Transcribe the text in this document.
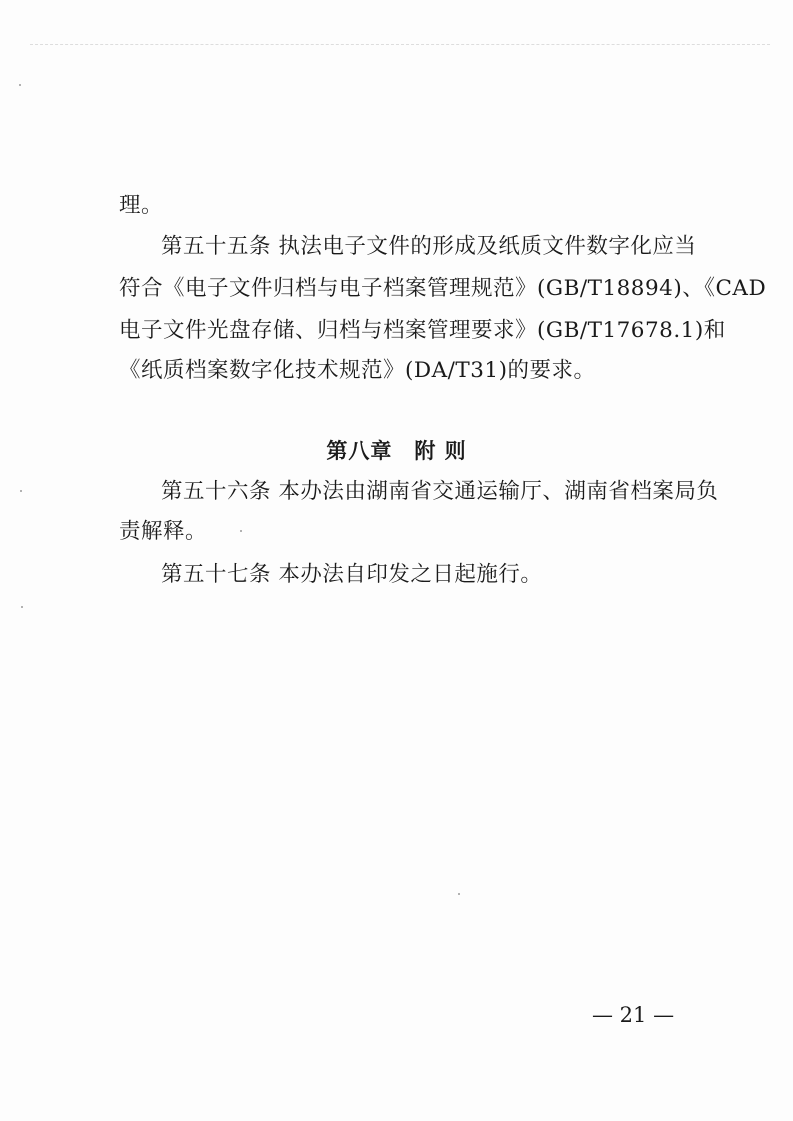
理。
第五十五条 执法电子文件的形成及纸质文件数字化应当
符合《电子文件归档与电子档案管理规范》(GB/T18894)、《CAD
电子文件光盘存储、归档与档案管理要求》(GB/T17678.1)和
《纸质档案数字化技术规范》(DA/T31)的要求。
第八章　附 则
第五十六条 本办法由湖南省交通运输厅、湖南省档案局负
责解释。
第五十七条 本办法自印发之日起施行。
— 21 —
